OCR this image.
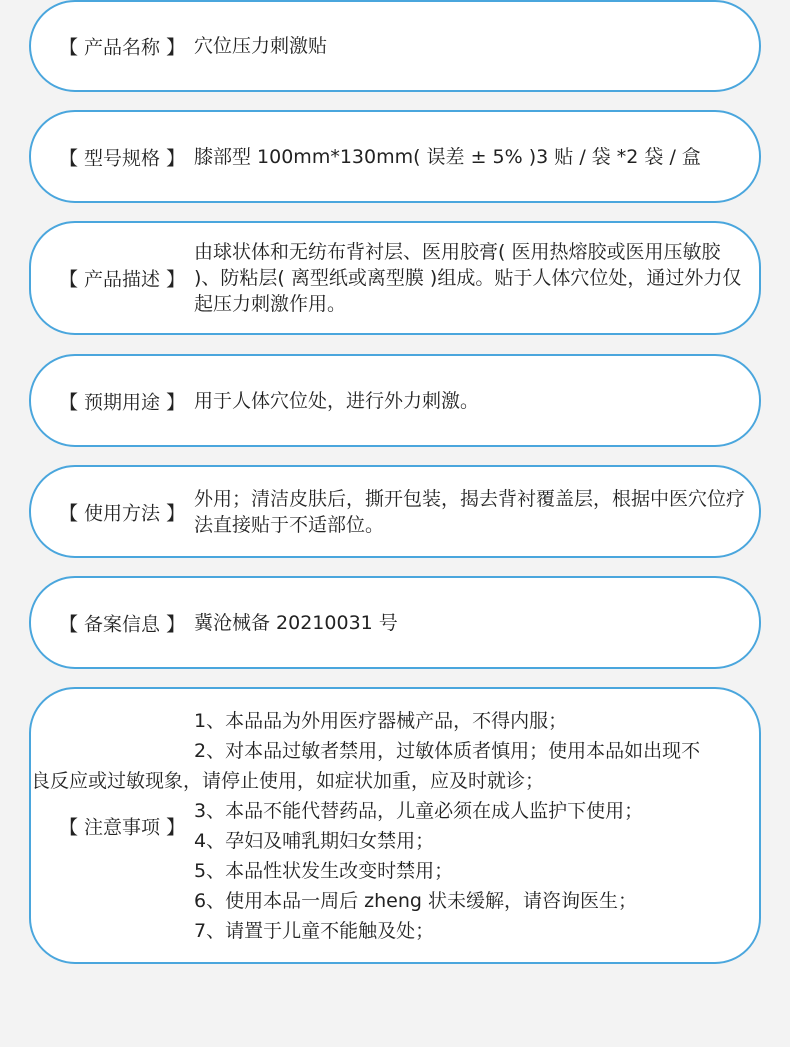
【 产品名称 】 穴位压力刺激贴
【 型号规格 】 膝部型 100mm*130mm( 误差 ± 5% )3 贴 / 袋 *2 袋 / 盒
【 产品描述 】
由球状体和无纺布背衬层、医用胶膏( 医用热熔胶或医用压敏胶 )、防粘层( 离型纸或离型膜 )组成。贴于人体穴位处，通过外力仅起压力刺激作用。
【 预期用途 】 用于人体穴位处，进行外力刺激。
【 使用方法 】
外用；清洁皮肤后，撕开包装，揭去背衬覆盖层，根据中医穴位疗法直接贴于不适部位。
【 备案信息 】 冀沧械备 20210031 号
【 注意事项 】
1、本品品为外用医疗器械产品，不得内服；
2、对本品过敏者禁用，过敏体质者慎用；使用本品如出现不
良反应或过敏现象，请停止使用，如症状加重，应及时就诊；
3、本品不能代替药品，儿童必须在成人监护下使用；
4、孕妇及哺乳期妇女禁用；
5、本品性状发生改变时禁用；
6、使用本品一周后 zheng 状未缓解，请咨询医生；
7、请置于儿童不能触及处；
